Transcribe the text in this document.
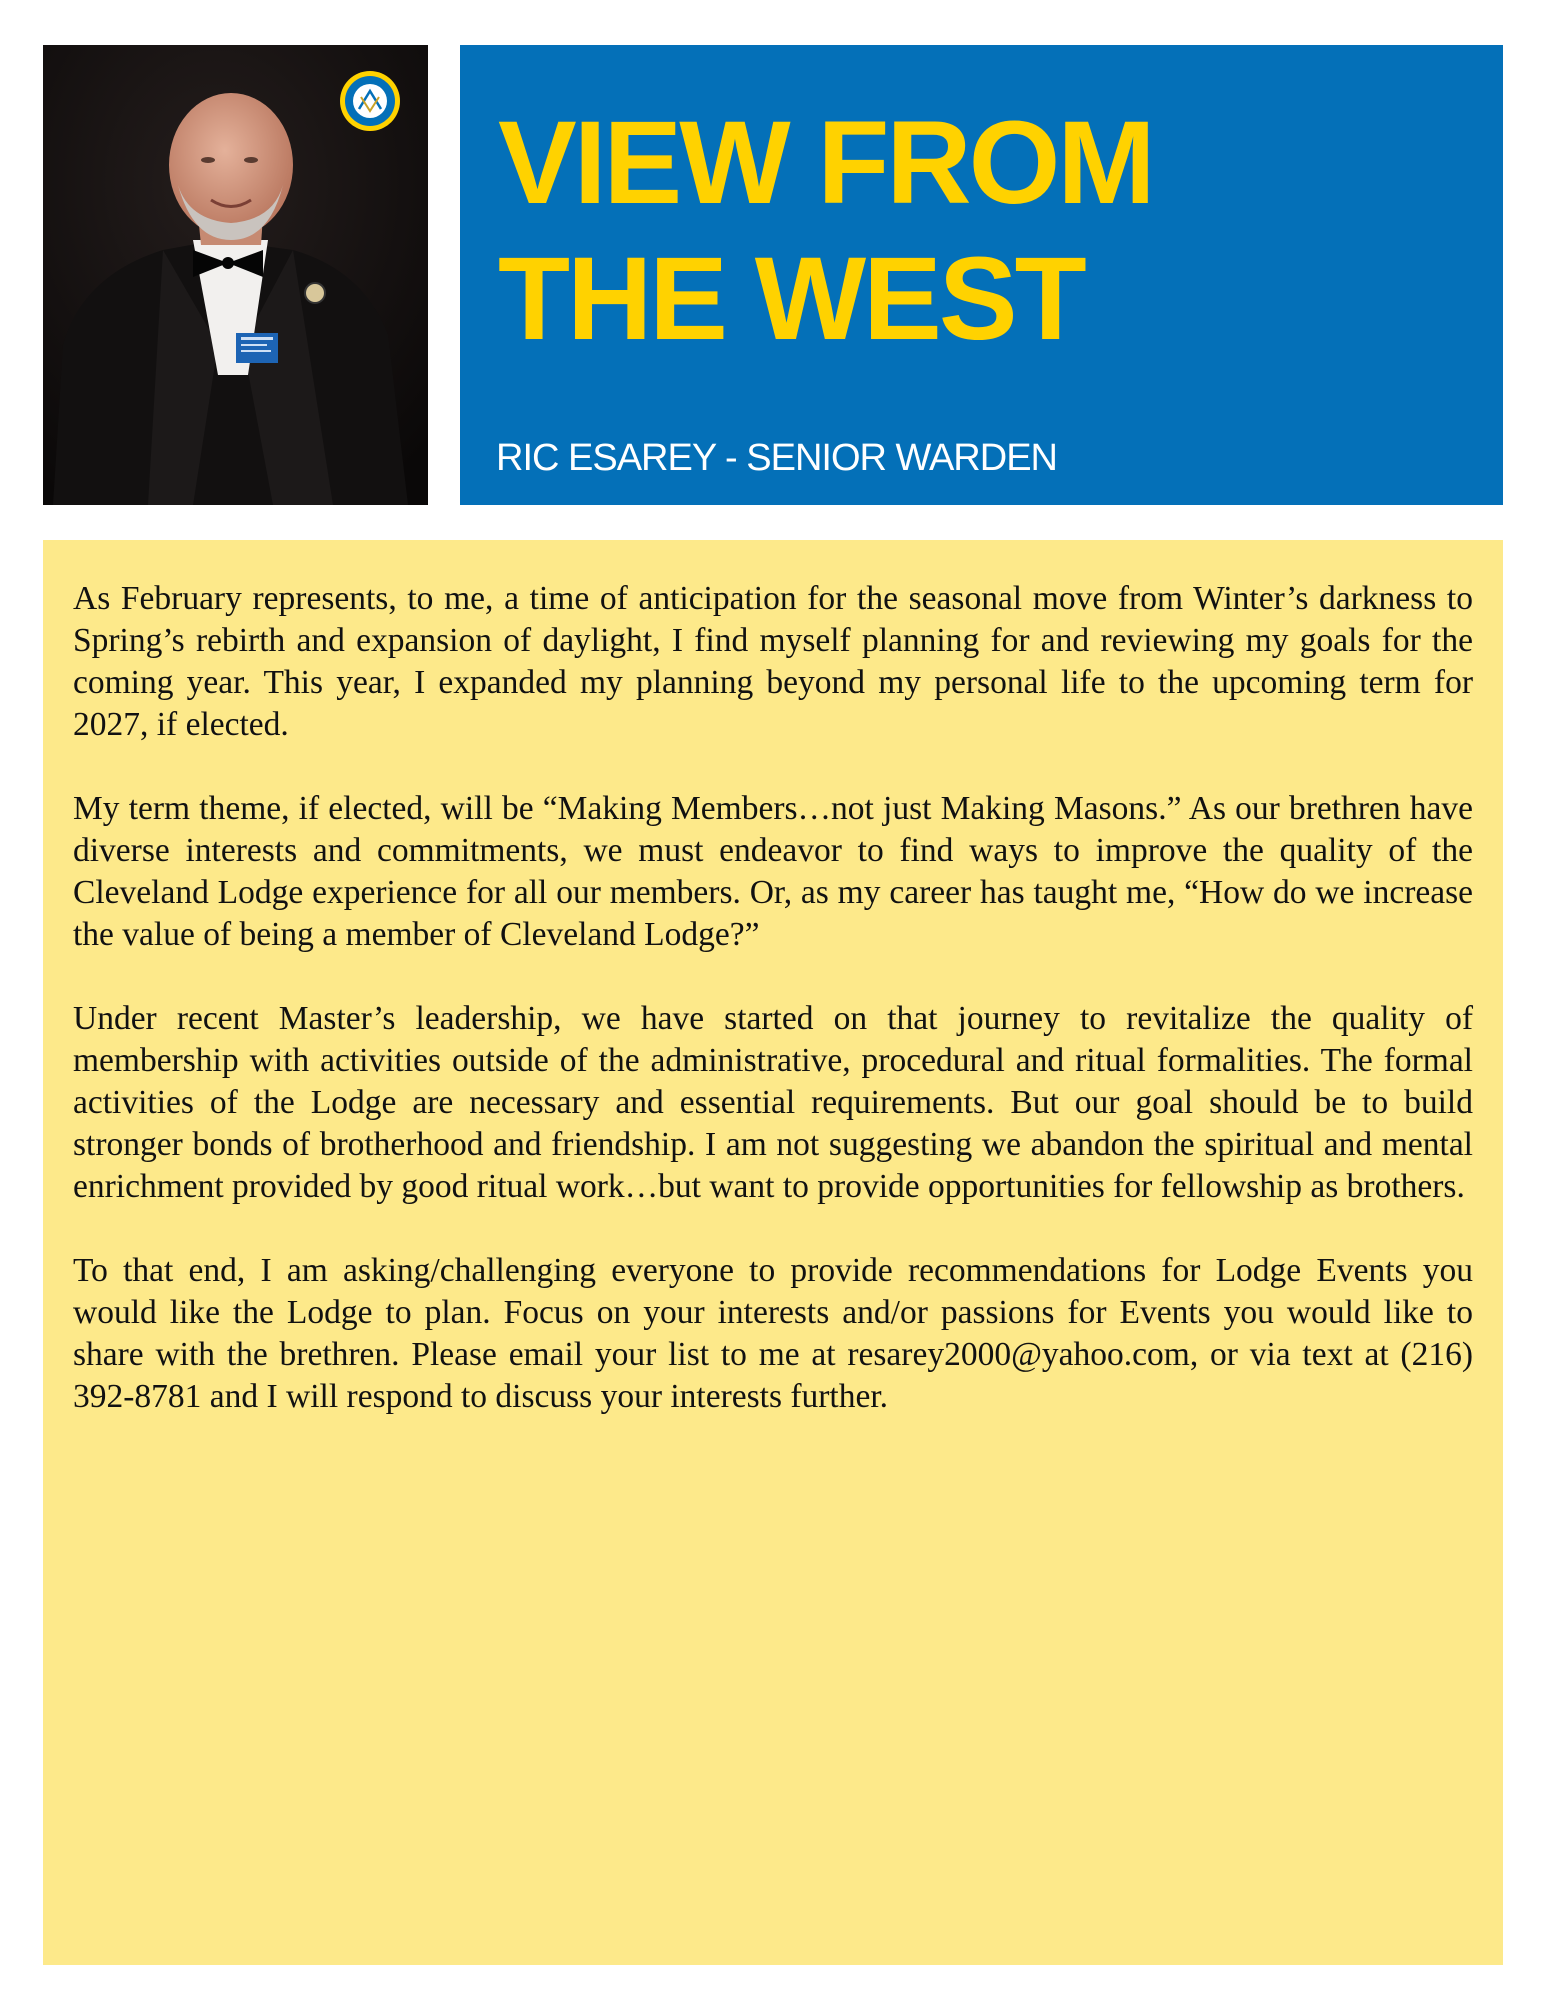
VIEW FROM
THE WEST

RIC ESAREY - SENIOR WARDEN

As February represents, to me, a time of anticipation for the seasonal move from Winter’s darkness to Spring’s rebirth and expansion of daylight, I find myself planning for and reviewing my goals for the coming year. This year, I expanded my planning beyond my personal life to the upcoming term for 2027, if elected.

My term theme, if elected, will be “Making Members…not just Making Masons.” As our brethren have diverse interests and commitments, we must endeavor to find ways to improve the quality of the Cleveland Lodge experience for all our members. Or, as my career has taught me, “How do we increase the value of being a member of Cleveland Lodge?”

Under recent Master’s leadership, we have started on that journey to revitalize the quality of membership with activities outside of the administrative, procedural and ritual formalities. The formal activities of the Lodge are necessary and essential requirements. But our goal should be to build stronger bonds of brotherhood and friendship. I am not suggesting we abandon the spiritual and mental enrichment provided by good ritual work…but want to provide opportunities for fellowship as brothers.

To that end, I am asking/challenging everyone to provide recommendations for Lodge Events you would like the Lodge to plan. Focus on your interests and/or passions for Events you would like to share with the brethren. Please email your list to me at resarey2000@yahoo.com, or via text at (216) 392-8781 and I will respond to discuss your interests further.
